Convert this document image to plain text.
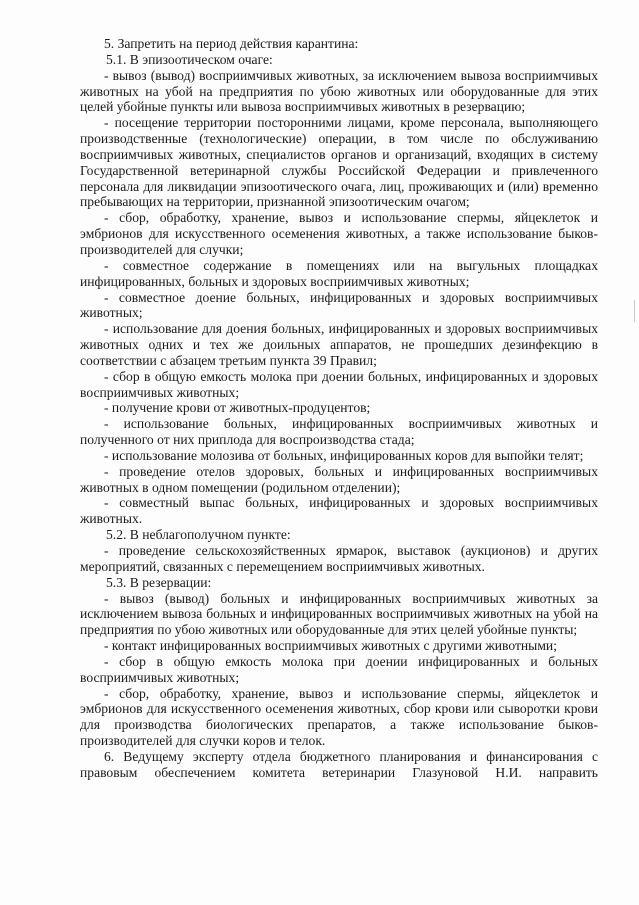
5. Запретить на период действия карантина:

5.1. В эпизоотическом очаге:

- вывоз (вывод) восприимчивых животных, за исключением вывоза восприимчивых животных на убой на предприятия по убою животных или оборудованные для этих целей убойные пункты или вывоза восприимчивых животных в резервацию;

- посещение территории посторонними лицами, кроме персонала, выполняющего производственные (технологические) операции, в том числе по обслуживанию восприимчивых животных, специалистов органов и организаций, входящих в систему Государственной ветеринарной службы Российской Федерации и привлеченного персонала для ликвидации эпизоотического очага, лиц, проживающих и (или) временно пребывающих на территории, признанной эпизоотическим очагом;

- сбор, обработку, хранение, вывоз и использование спермы, яйцеклеток и эмбрионов для искусственного осеменения животных, а также использование быков-производителей для случки;

- совместное содержание в помещениях или на выгульных площадках инфицированных, больных и здоровых восприимчивых животных;

- совместное доение больных, инфицированных и здоровых восприимчивых животных;

- использование для доения больных, инфицированных и здоровых восприимчивых животных одних и тех же доильных аппаратов, не прошедших дезинфекцию в соответствии с абзацем третьим пункта 39 Правил;

- сбор в общую емкость молока при доении больных, инфицированных и здоровых восприимчивых животных;

- получение крови от животных-продуцентов;

- использование больных, инфицированных восприимчивых животных и полученного от них приплода для воспроизводства стада;

- использование молозива от больных, инфицированных коров для выпойки телят;

- проведение отелов здоровых, больных и инфицированных восприимчивых животных в одном помещении (родильном отделении);

- совместный выпас больных, инфицированных и здоровых восприимчивых животных.

5.2. В неблагополучном пункте:

- проведение сельскохозяйственных ярмарок, выставок (аукционов) и других мероприятий, связанных с перемещением восприимчивых животных.

5.3. В резервации:

- вывоз (вывод) больных и инфицированных восприимчивых животных за исключением вывоза больных и инфицированных восприимчивых животных на убой на предприятия по убою животных или оборудованные для этих целей убойные пункты;

- контакт инфицированных восприимчивых животных с другими животными;

- сбор в общую емкость молока при доении инфицированных и больных восприимчивых животных;

- сбор, обработку, хранение, вывоз и использование спермы, яйцеклеток и эмбрионов для искусственного осеменения животных, сбор крови или сыворотки крови для производства биологических препаратов, а также использование быков-производителей для случки коров и телок.

6. Ведущему эксперту отдела бюджетного планирования и финансирования с правовым обеспечением комитета ветеринарии Глазуновой Н.И. направить
